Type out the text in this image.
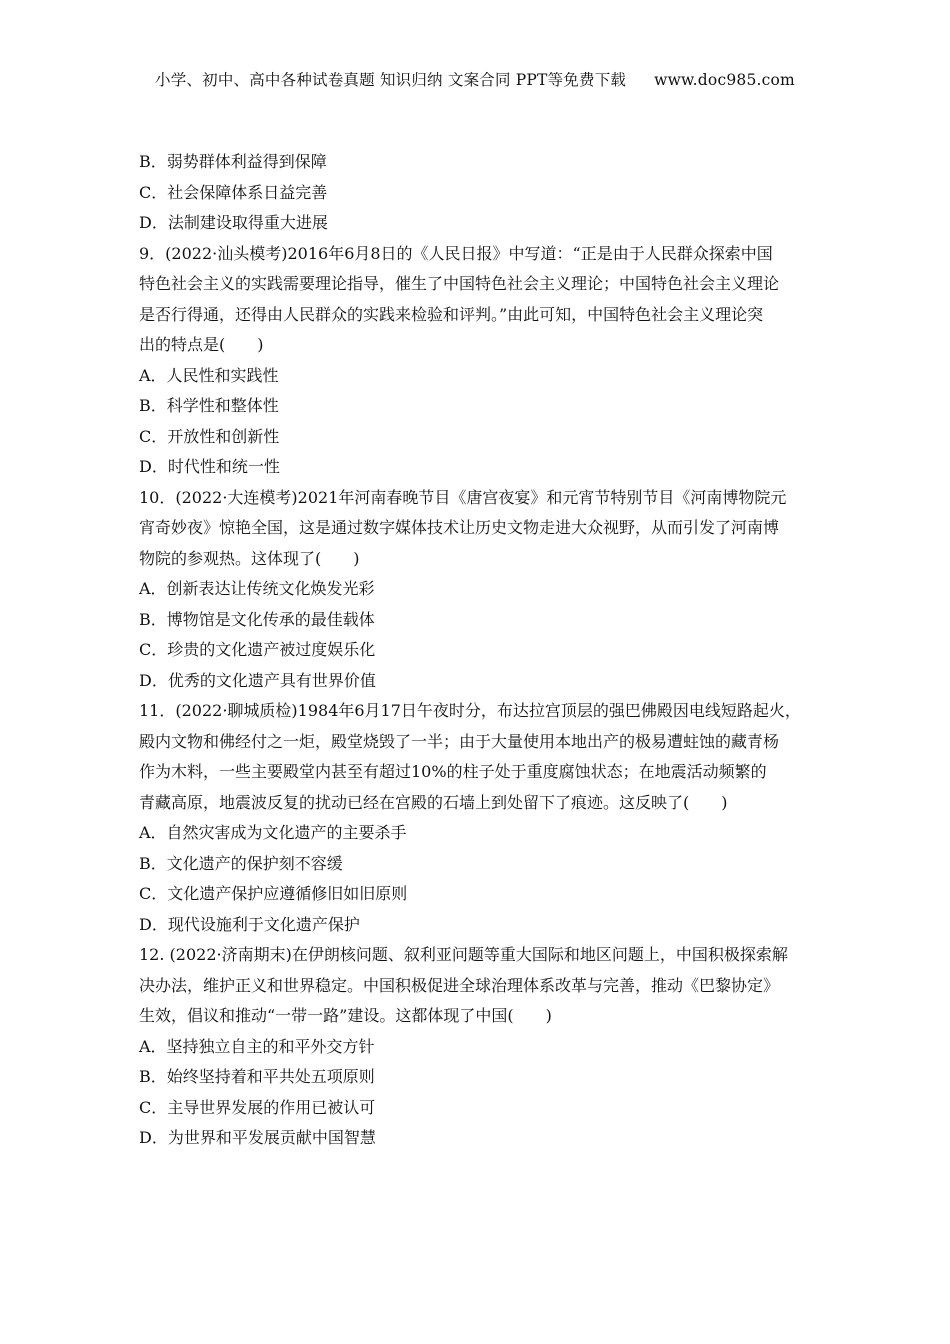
小学、初中、高中各种试卷真题 知识归纳 文案合同 PPT等免费下载 www.doc985.com
B．弱势群体利益得到保障
C．社会保障体系日益完善
D．法制建设取得重大进展
9．(2022·汕头模考)2016年6月8日的《人民日报》中写道：“正是由于人民群众探索中国
特色社会主义的实践需要理论指导，催生了中国特色社会主义理论；中国特色社会主义理论
是否行得通，还得由人民群众的实践来检验和评判。”由此可知，中国特色社会主义理论突
出的特点是(　　)
A．人民性和实践性
B．科学性和整体性
C．开放性和创新性
D．时代性和统一性
10．(2022·大连模考)2021年河南春晚节目《唐宫夜宴》和元宵节特别节目《河南博物院元
宵奇妙夜》惊艳全国，这是通过数字媒体技术让历史文物走进大众视野，从而引发了河南博
物院的参观热。这体现了(　　)
A．创新表达让传统文化焕发光彩
B．博物馆是文化传承的最佳载体
C．珍贵的文化遗产被过度娱乐化
D．优秀的文化遗产具有世界价值
11．(2022·聊城质检)1984年6月17日午夜时分，布达拉宫顶层的强巴佛殿因电线短路起火，
殿内文物和佛经付之一炬，殿堂烧毁了一半；由于大量使用本地出产的极易遭蛀蚀的藏青杨
作为木料，一些主要殿堂内甚至有超过10%的柱子处于重度腐蚀状态；在地震活动频繁的
青藏高原，地震波反复的扰动已经在宫殿的石墙上到处留下了痕迹。这反映了(　　)
A．自然灾害成为文化遗产的主要杀手
B．文化遗产的保护刻不容缓
C．文化遗产保护应遵循修旧如旧原则
D．现代设施利于文化遗产保护
12. (2022·济南期末)在伊朗核问题、叙利亚问题等重大国际和地区问题上，中国积极探索解
决办法，维护正义和世界稳定。中国积极促进全球治理体系改革与完善，推动《巴黎协定》
生效，倡议和推动“一带一路”建设。这都体现了中国(　　)
A．坚持独立自主的和平外交方针
B．始终坚持着和平共处五项原则
C．主导世界发展的作用已被认可
D．为世界和平发展贡献中国智慧
